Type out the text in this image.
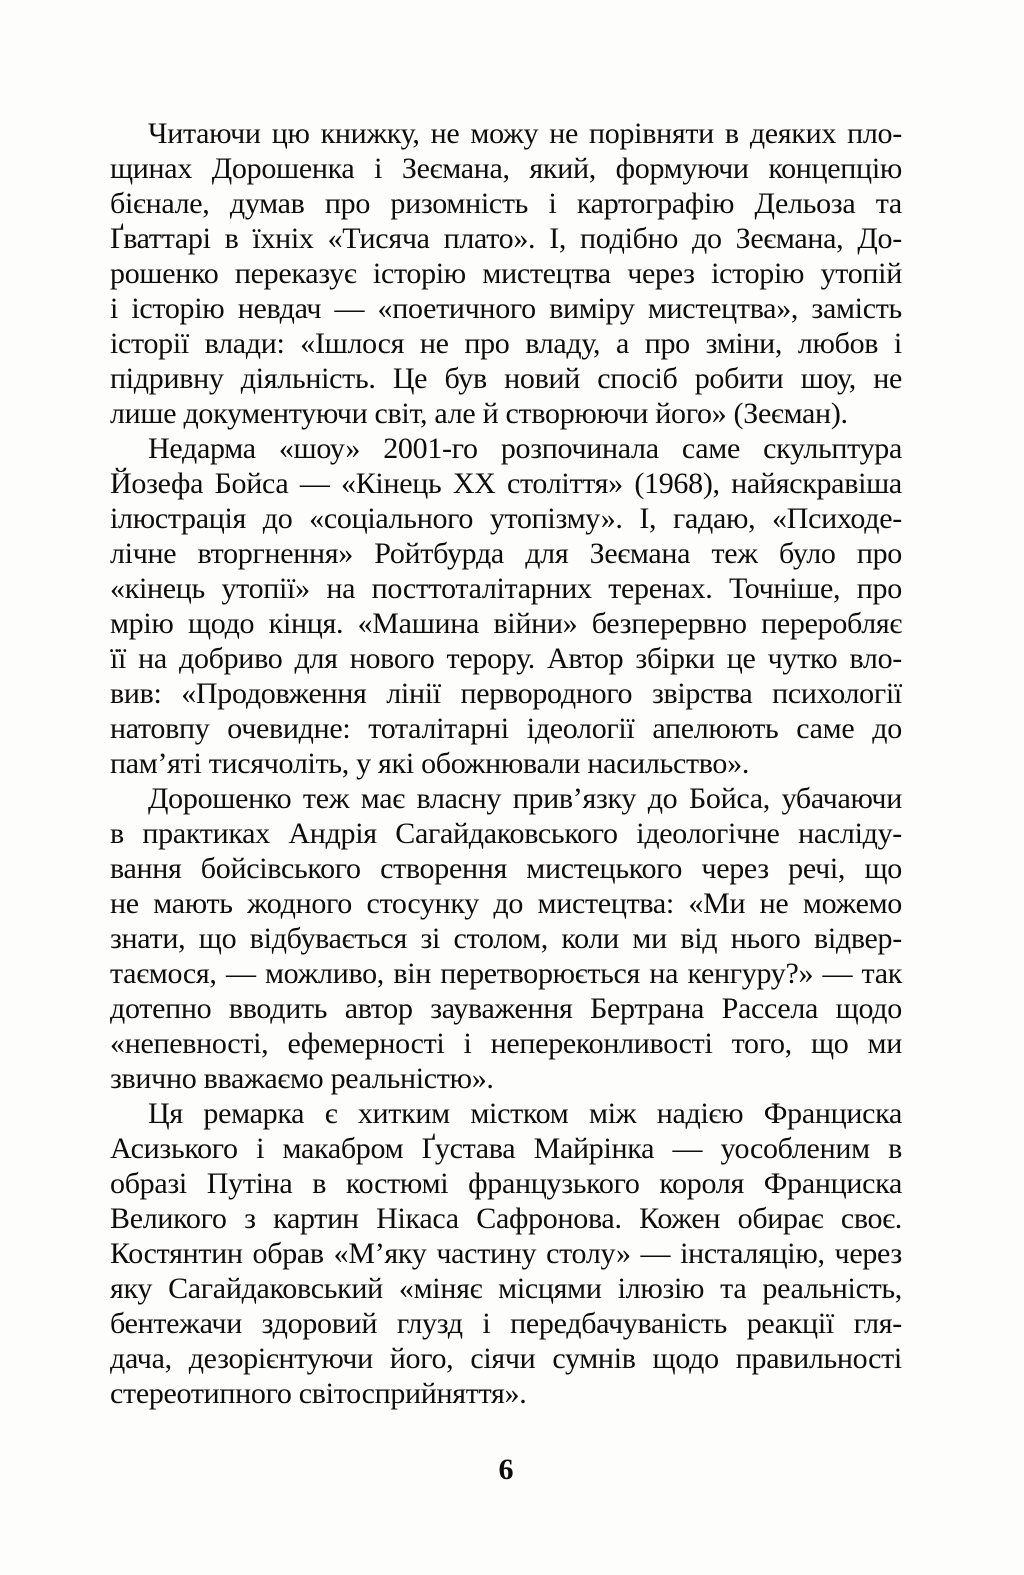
Читаючи цю книжку, не можу не порівняти в деяких пло-
щинах Дорошенка і Зеємана, який, формуючи концепцію
бієнале, думав про ризомність і картографію Дельоза та
Ґваттарі в їхніх «Тисяча плато». І, подібно до Зеємана, До-
рошенко переказує історію мистецтва через історію утопій
і історію невдач — «поетичного виміру мистецтва», замість
історії влади: «Ішлося не про владу, а про зміни, любов і
підривну діяльність. Це був новий спосіб робити шоу, не
лише документуючи світ, але й створюючи його» (Зеєман).
Недарма «шоу» 2001-го розпочинала саме скульптура
Йозефа Бойса — «Кінець ХХ століття» (1968), найяскравіша
ілюстрація до «соціального утопізму». І, гадаю, «Психоде-
лічне вторгнення» Ройтбурда для Зеємана теж було про
«кінець утопії» на посттоталітарних теренах. Точніше, про
мрію щодо кінця. «Машина війни» безперервно переробляє
її на добриво для нового терору. Автор збірки це чутко вло-
вив: «Продовження лінії первородного звірства психології
натовпу очевидне: тоталітарні ідеології апелюють саме до
пам’яті тисячоліть, у які обожнювали насильство».
Дорошенко теж має власну прив’язку до Бойса, убачаючи
в практиках Андрія Сагайдаковського ідеологічне насліду-
вання бойсівського створення мистецького через речі, що
не мають жодного стосунку до мистецтва: «Ми не можемо
знати, що відбувається зі столом, коли ми від нього відвер-
таємося, — можливо, він перетворюється на кенгуру?» — так
дотепно вводить автор зауваження Бертрана Рассела щодо
«непевності, ефемерності і непереконливості того, що ми
звично вважаємо реальністю».
Ця ремарка є хитким містком між надією Франциска
Асизького і макабром Ґустава Майрінка — уособленим в
образі Путіна в костюмі французького короля Франциска
Великого з картин Нікаса Сафронова. Кожен обирає своє.
Костянтин обрав «М’яку частину столу» — інсталяцію, через
яку Сагайдаковський «міняє місцями ілюзію та реальність,
бентежачи здоровий глузд і передбачуваність реакції гля-
дача, дезорієнтуючи його, сіячи сумнів щодо правильності
стереотипного світосприйняття».
6
